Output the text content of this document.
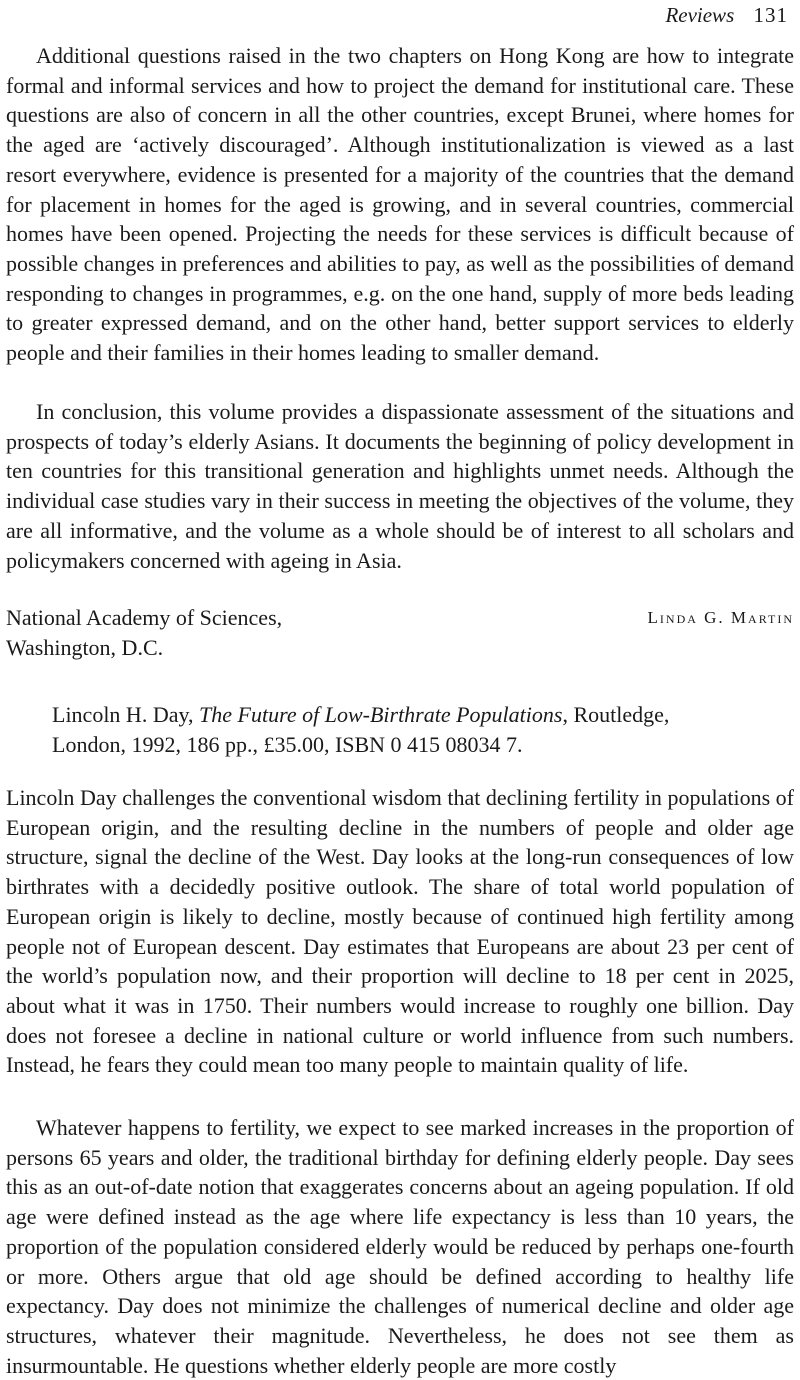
Reviews 131

Additional questions raised in the two chapters on Hong Kong are how to integrate formal and informal services and how to project the demand for institutional care. These questions are also of concern in all the other countries, except Brunei, where homes for the aged are ‘actively discouraged’. Although institutionalization is viewed as a last resort everywhere, evidence is presented for a majority of the countries that the demand for placement in homes for the aged is growing, and in several countries, commercial homes have been opened. Projecting the needs for these services is difficult because of possible changes in preferences and abilities to pay, as well as the possibilities of demand responding to changes in programmes, e.g. on the one hand, supply of more beds leading to greater expressed demand, and on the other hand, better support services to elderly people and their families in their homes leading to smaller demand.

In conclusion, this volume provides a dispassionate assessment of the situations and prospects of today’s elderly Asians. It documents the beginning of policy development in ten countries for this transitional generation and highlights unmet needs. Although the individual case studies vary in their success in meeting the objectives of the volume, they are all informative, and the volume as a whole should be of interest to all scholars and policymakers concerned with ageing in Asia.

National Academy of Sciences,
Washington, D.C.
Linda G. Martin
Lincoln H. Day, The Future of Low-Birthrate Populations, Routledge,
London, 1992, 186 pp., £35.00, ISBN 0 415 08034 7.

Lincoln Day challenges the conventional wisdom that declining fertility in populations of European origin, and the resulting decline in the numbers of people and older age structure, signal the decline of the West. Day looks at the long-run consequences of low birthrates with a decidedly positive outlook. The share of total world population of European origin is likely to decline, mostly because of continued high fertility among people not of European descent. Day estimates that Europeans are about 23 per cent of the world’s population now, and their proportion will decline to 18 per cent in 2025, about what it was in 1750. Their numbers would increase to roughly one billion. Day does not foresee a decline in national culture or world influence from such numbers. Instead, he fears they could mean too many people to maintain quality of life.

Whatever happens to fertility, we expect to see marked increases in the proportion of persons 65 years and older, the traditional birthday for defining elderly people. Day sees this as an out-of-date notion that exaggerates concerns about an ageing population. If old age were defined instead as the age where life expectancy is less than 10 years, the proportion of the population considered elderly would be reduced by perhaps one-fourth or more. Others argue that old age should be defined according to healthy life expectancy. Day does not minimize the challenges of numerical decline and older age structures, whatever their magnitude. Nevertheless, he does not see them as insurmountable. He questions whether elderly people are more costly
